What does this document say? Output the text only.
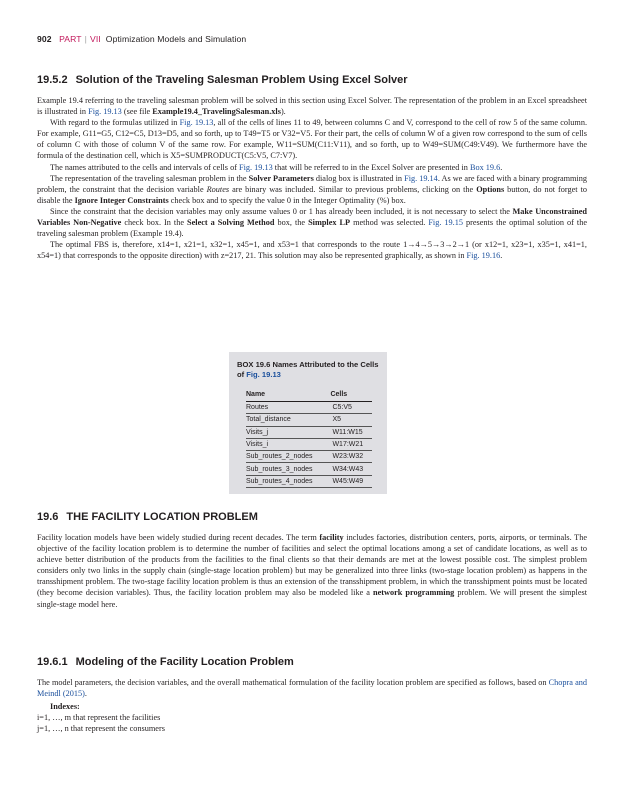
902 PART | VII Optimization Models and Simulation
19.5.2 Solution of the Traveling Salesman Problem Using Excel Solver

Example 19.4 referring to the traveling salesman problem will be solved in this section using Excel Solver. The representation of the problem in an Excel spreadsheet is illustrated in Fig. 19.13 (see file Example19.4_TravelingSalesman.xls).

With regard to the formulas utilized in Fig. 19.13, all of the cells of lines 11 to 49, between columns C and V, correspond to the cell of row 5 of the same column. For example, G11=G5, C12=C5, D13=D5, and so forth, up to T49=T5 or V32=V5. For their part, the cells of column W of a given row correspond to the sum of cells of column C with those of column V of the same row. For example, W11=SUM(C11:V11), and so forth, up to W49=SUM(C49:V49). We furthermore have the formula of the destination cell, which is X5=SUMPRODUCT(C5:V5, C7:V7).

The names attributed to the cells and intervals of cells of Fig. 19.13 that will be referred to in the Excel Solver are presented in Box 19.6.

The representation of the traveling salesman problem in the Solver Parameters dialog box is illustrated in Fig. 19.14. As we are faced with a binary programming problem, the constraint that the decision variable Routes are binary was included. Similar to previous problems, clicking on the Options button, do not forget to disable the Ignore Integer Constraints check box and to specify the value 0 in the Integer Optimality (%) box.

Since the constraint that the decision variables may only assume values 0 or 1 has already been included, it is not necessary to select the Make Unconstrained Variables Non-Negative check box. In the Select a Solving Method box, the Simplex LP method was selected. Fig. 19.15 presents the optimal solution of the traveling salesman problem (Example 19.4).

The optimal FBS is, therefore, x14=1, x21=1, x32=1, x45=1, and x53=1 that corresponds to the route 1→4→5→3→2→1 (or x12=1, x23=1, x35=1, x41=1, x54=1) that corresponds to the opposite direction) with z=217, 21. This solution may also be represented graphically, as shown in Fig. 19.16.

BOX 19.6 Names Attributed to the Cells of Fig. 19.13
Name	Cells
Routes	C5:V5
Total_distance	X5
Visits_j	W11:W15
Visits_i	W17:W21
Sub_routes_2_nodes	W23:W32
Sub_routes_3_nodes	W34:W43
Sub_routes_4_nodes	W45:W49
19.6 THE FACILITY LOCATION PROBLEM

Facility location models have been widely studied during recent decades. The term facility includes factories, distribution centers, ports, airports, or terminals. The objective of the facility location problem is to determine the number of facilities and select the optimal locations among a set of candidate locations, as well as to achieve better distribution of the products from the facilities to the final clients so that their demands are met at the lowest possible cost. The simplest problem considers only two links in the supply chain (single-stage location problem) but may be generalized into three links (two-stage location problem) as happens in the transshipment problem. The two-stage facility location problem is thus an extension of the transshipment problem, in which the transshipment points must be located (they become decision variables). Thus, the facility location problem may also be modeled like a network programming problem. We will present the simplest single-stage model here.

19.6.1 Modeling of the Facility Location Problem

The model parameters, the decision variables, and the overall mathematical formulation of the facility location problem are specified as follows, based on Chopra and Meindl (2015).

Indexes:
i=1, …, m that represent the facilities
j=1, …, n that represent the consumers
